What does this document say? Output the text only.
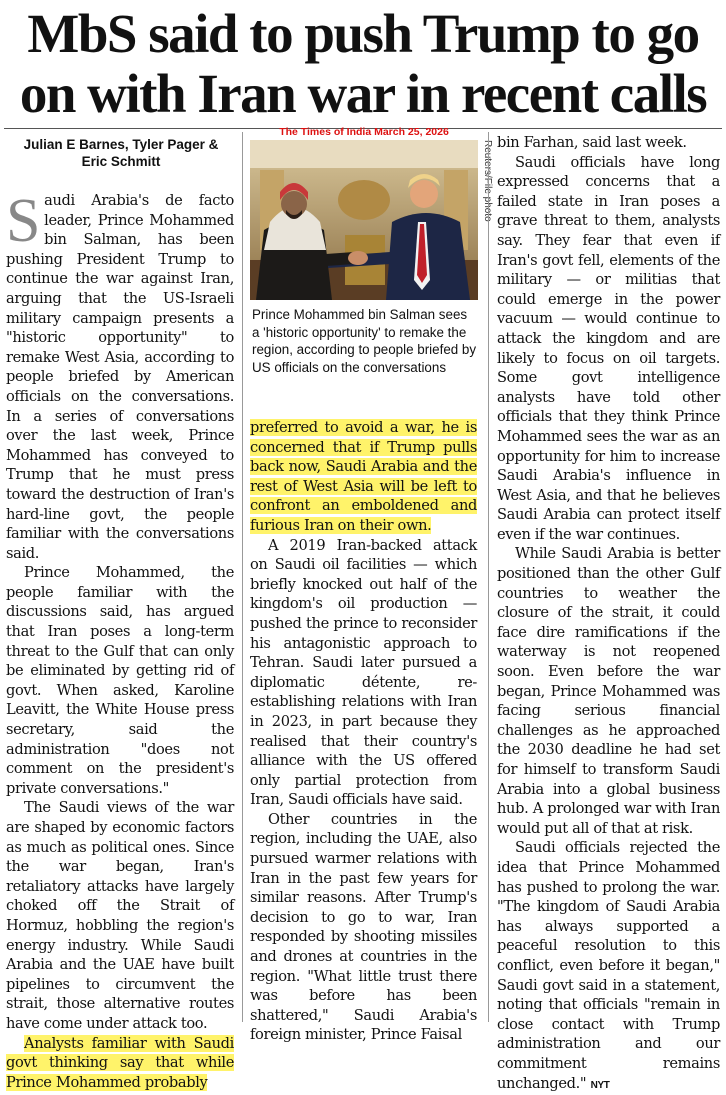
MbS said to push Trump to go on with Iran war in recent calls
Julian E Barnes, Tyler Pager & Eric Schmitt

Saudi Arabia's de facto leader, Prince Mohammed bin Salman, has been pushing President Trump to continue the war against Iran, arguing that the US-Israeli military campaign presents a "historic opportunity" to remake West Asia, according to people briefed by American officials on the conversations. In a series of conversations over the last week, Prince Mohammed has conveyed to Trump that he must press toward the destruction of Iran's hard-line govt, the people familiar with the conversations said.

Prince Mohammed, the people familiar with the discussions said, has argued that Iran poses a long-term threat to the Gulf that can only be eliminated by getting rid of govt. When asked, Karoline Leavitt, the White House press secretary, said the administration "does not comment on the president's private conversations."

The Saudi views of the war are shaped by economic factors as much as political ones. Since the war began, Iran's retaliatory attacks have largely choked off the Strait of Hormuz, hobbling the region's energy industry. While Saudi Arabia and the UAE have built pipelines to circumvent the strait, those alternative routes have come under attack too.

Analysts familiar with Saudi govt thinking say that while Prince Mohammed probably

The Times of India March 25, 2026
Prince Mohammed bin Salman sees a 'historic opportunity' to remake the region, according to people briefed by US officials on the conversations

preferred to avoid a war, he is concerned that if Trump pulls back now, Saudi Arabia and the rest of West Asia will be left to confront an emboldened and furious Iran on their own.

A 2019 Iran-backed attack on Saudi oil facilities — which briefly knocked out half of the kingdom's oil production — pushed the prince to reconsider his antagonistic approach to Tehran. Saudi later pursued a diplomatic détente, re-establishing relations with Iran in 2023, in part because they realised that their country's alliance with the US offered only partial protection from Iran, Saudi officials have said.

Other countries in the region, including the UAE, also pursued warmer relations with Iran in the past few years for similar reasons. After Trump's decision to go to war, Iran responded by shooting missiles and drones at countries in the region. "What little trust there was before has been shattered," Saudi Arabia's foreign minister, Prince Faisal

bin Farhan, said last week.

Saudi officials have long expressed concerns that a failed state in Iran poses a grave threat to them, analysts say. They fear that even if Iran's govt fell, elements of the military — or militias that could emerge in the power vacuum — would continue to attack the kingdom and are likely to focus on oil targets. Some govt intelligence analysts have told other officials that they think Prince Mohammed sees the war as an opportunity for him to increase Saudi Arabia's influence in West Asia, and that he believes Saudi Arabia can protect itself even if the war continues.

While Saudi Arabia is better positioned than the other Gulf countries to weather the closure of the strait, it could face dire ramifications if the waterway is not reopened soon. Even before the war began, Prince Mohammed was facing serious financial challenges as he approached the 2030 deadline he had set for himself to transform Saudi Arabia into a global business hub. A prolonged war with Iran would put all of that at risk.

Saudi officials rejected the idea that Prince Mohammed has pushed to prolong the war. "The kingdom of Saudi Arabia has always supported a peaceful resolution to this conflict, even before it began," Saudi govt said in a statement, noting that officials "remain in close contact with Trump administration and our commitment remains unchanged." NYT
